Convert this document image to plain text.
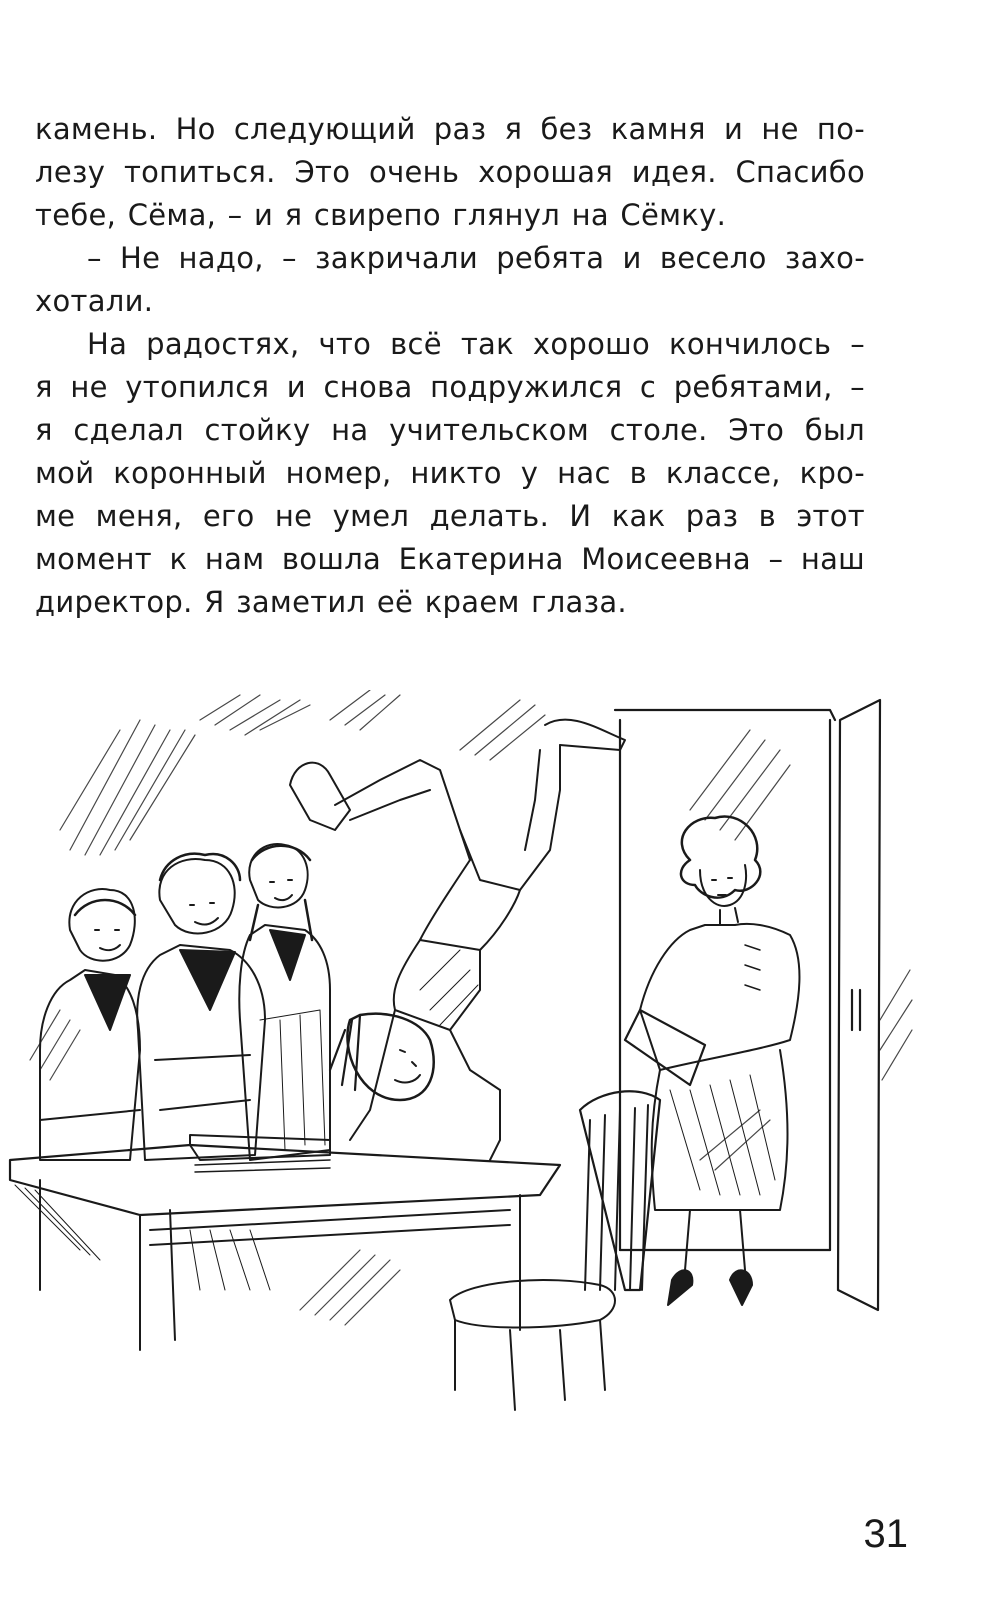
камень. Но следующий раз я без камня и не по-
лезу топиться. Это очень хорошая идея. Спасибо
тебе, Сёма, – и я свирепо глянул на Сёмку.
– Не надо, – закричали ребята и весело захо-
хотали.
На радостях, что всё так хорошо кончилось –
я не утопился и снова подружился с ребятами, –
я сделал стойку на учительском столе. Это был
мой коронный номер, никто у нас в классе, кро-
ме меня, его не умел делать. И как раз в этот
момент к нам вошла Екатерина Моисеевна – наш
директор. Я заметил её краем глаза.
31
